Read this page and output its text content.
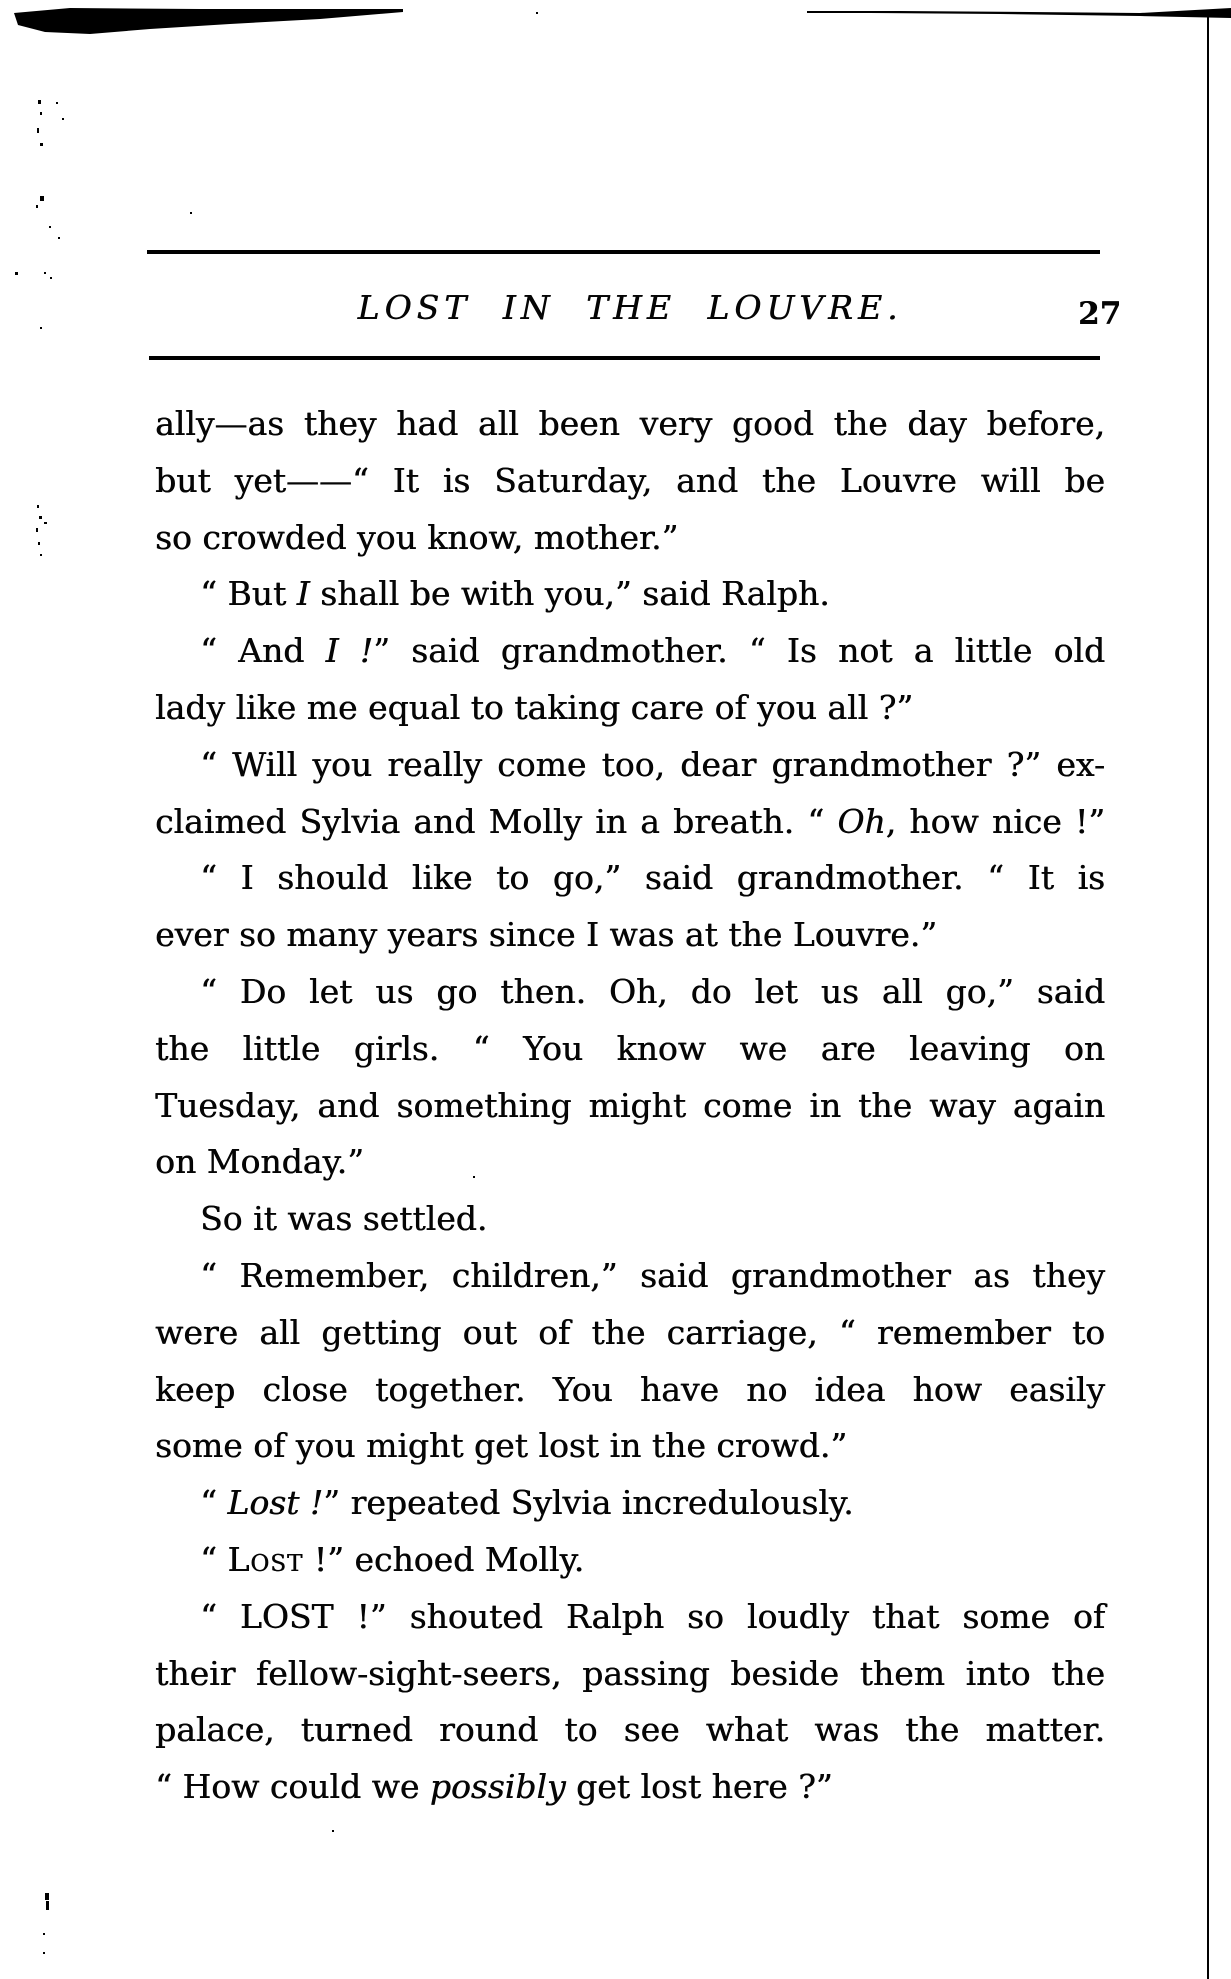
LOST IN THE LOUVRE.	27
ally—as they had all been very good the day before,
but yet——“ It is Saturday, and the Louvre will be
so crowded you know, mother.”
“ But I shall be with you,” said Ralph.
“ And I !” said grandmother. “ Is not a little old
lady like me equal to taking care of you all ?”
“ Will you really come too, dear grandmother ?” ex-
claimed Sylvia and Molly in a breath. “ Oh, how nice !”
“ I should like to go,” said grandmother. “ It is
ever so many years since I was at the Louvre.”
“ Do let us go then. Oh, do let us all go,” said
the little girls. “ You know we are leaving on
Tuesday, and something might come in the way again
on Monday.”
So it was settled.
“ Remember, children,” said grandmother as they
were all getting out of the carriage, “ remember to
keep close together. You have no idea how easily
some of you might get lost in the crowd.”
“ Lost !” repeated Sylvia incredulously.
“ Lost !” echoed Molly.
“ LOST !” shouted Ralph so loudly that some of
their fellow-sight-seers, passing beside them into the
palace, turned round to see what was the matter.
“ How could we possibly get lost here ?”
